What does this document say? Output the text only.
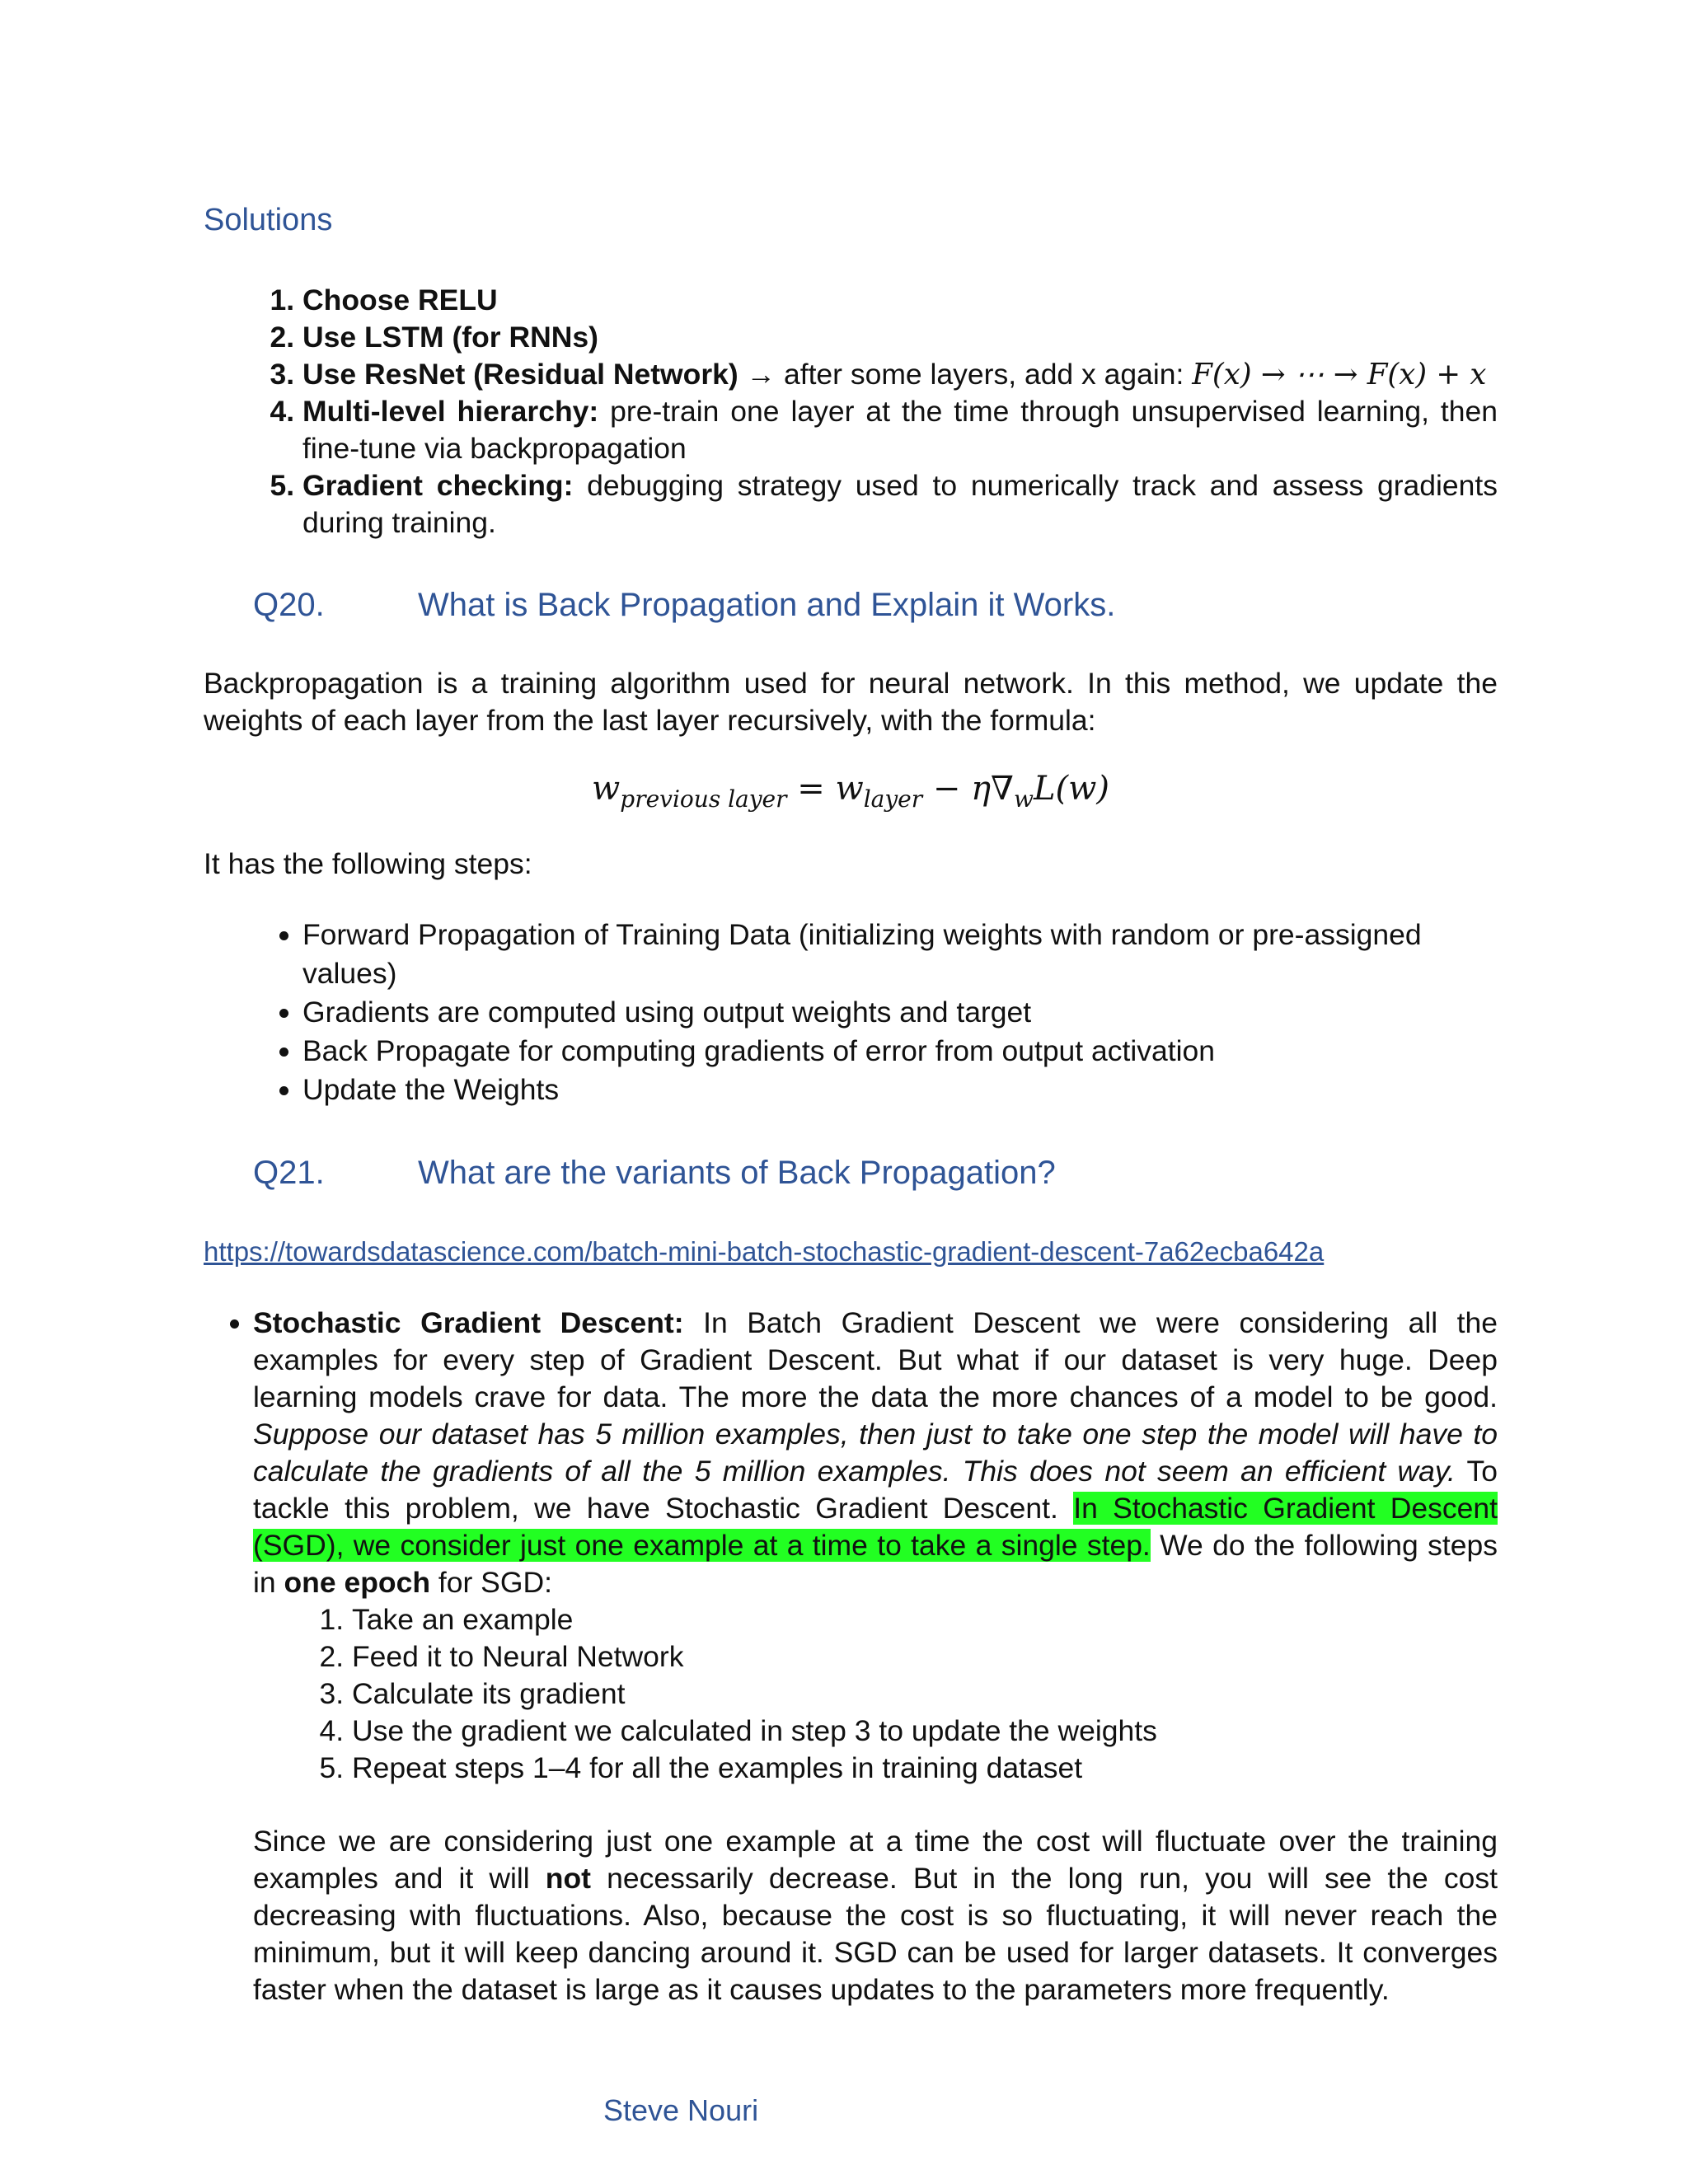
Solutions
1. Choose RELU
2. Use LSTM (for RNNs)
3. Use ResNet (Residual Network) → after some layers, add x again: F(x) → ⋯ → F(x) + x
4. Multi-level hierarchy: pre-train one layer at the time through unsupervised learning, then fine-tune via backpropagation
5. Gradient checking: debugging strategy used to numerically track and assess gradients during training.
Q20.	What is Back Propagation and Explain it Works.

Backpropagation is a training algorithm used for neural network. In this method, we update the weights of each layer from the last layer recursively, with the formula:

$w_{previous layer} = w_{layer} - \eta\nabla_wL(w)$

It has the following steps:

• Forward Propagation of Training Data (initializing weights with random or pre-assigned values)
• Gradients are computed using output weights and target
• Back Propagate for computing gradients of error from output activation
• Update the Weights
Q21.	What are the variants of Back Propagation?
https://towardsdatascience.com/batch-mini-batch-stochastic-gradient-descent-7a62ecba642a
• Stochastic Gradient Descent: In Batch Gradient Descent we were considering all the examples for every step of Gradient Descent. But what if our dataset is very huge. Deep learning models crave for data. The more the data the more chances of a model to be good. Suppose our dataset has 5 million examples, then just to take one step the model will have to calculate the gradients of all the 5 million examples. This does not seem an efficient way. To tackle this problem, we have Stochastic Gradient Descent. In Stochastic Gradient Descent (SGD), we consider just one example at a time to take a single step. We do the following steps in one epoch for SGD:
1. Take an example
2. Feed it to Neural Network
3. Calculate its gradient
4. Use the gradient we calculated in step 3 to update the weights
5. Repeat steps 1–4 for all the examples in training dataset

Since we are considering just one example at a time the cost will fluctuate over the training examples and it will not necessarily decrease. But in the long run, you will see the cost decreasing with fluctuations. Also, because the cost is so fluctuating, it will never reach the minimum, but it will keep dancing around it. SGD can be used for larger datasets. It converges faster when the dataset is large as it causes updates to the parameters more frequently.

Steve Nouri
